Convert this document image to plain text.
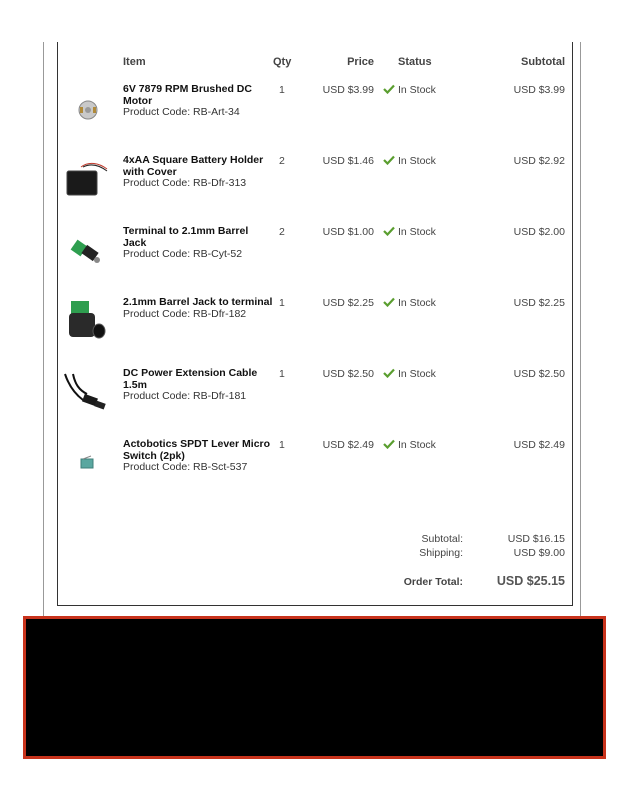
Item	Qty	Price Status	Subtotal
6V 7879 RPM Brushed DC Motor
Product Code: RB-Art-34
1	USD $3.99	In Stock	USD $3.99
4xAA Square Battery Holder with Cover
Product Code: RB-Dfr-313
2	USD $1.46	In Stock	USD $2.92
Terminal to 2.1mm Barrel Jack
Product Code: RB-Cyt-52
2	USD $1.00	In Stock	USD $2.00
2.1mm Barrel Jack to terminal
Product Code: RB-Dfr-182
1	USD $2.25	In Stock	USD $2.25
DC Power Extension Cable 1.5m
Product Code: RB-Dfr-181
1	USD $2.50	In Stock	USD $2.50
Actobotics SPDT Lever Micro Switch (2pk)
Product Code: RB-Sct-537
1	USD $2.49	In Stock	USD $2.49
Subtotal:	USD $16.15
Shipping:	USD $9.00
Order Total:	USD $25.15
